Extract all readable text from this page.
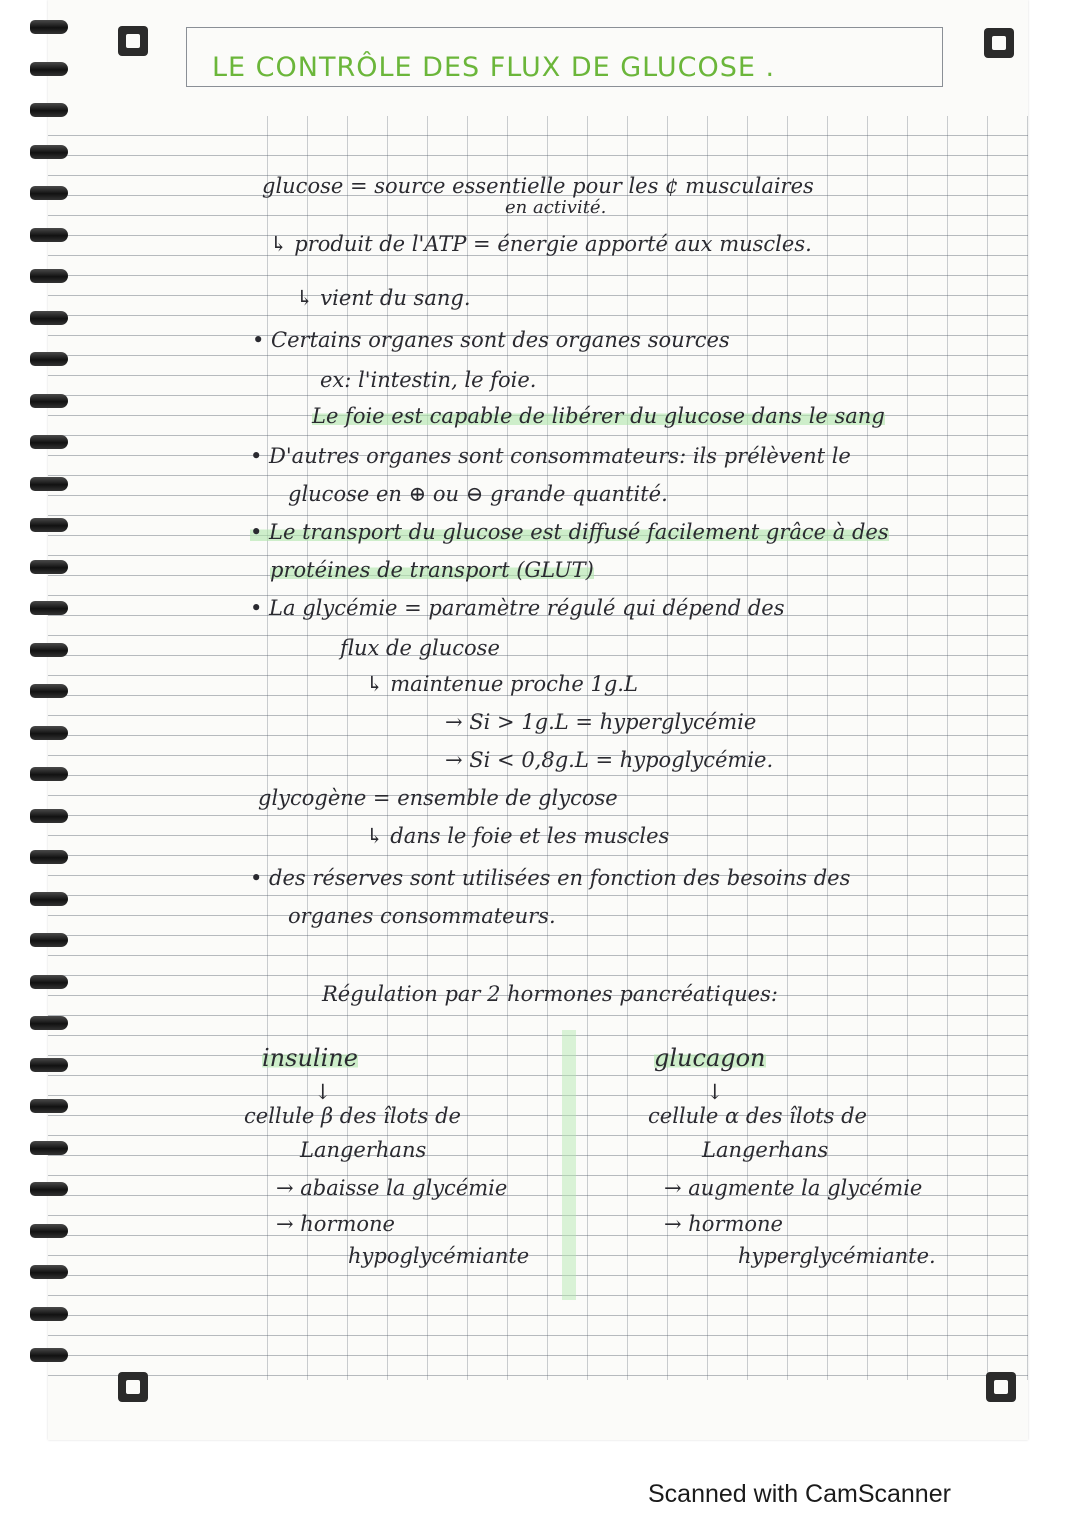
LE CONTRÔLE DES FLUX DE GLUCOSE .
glucose = source essentielle pour les ¢ musculaires
en activité.
↳ produit de l'ATP = énergie apporté aux muscles.
↳ vient du sang.
• Certains organes sont des organes sources
ex: l'intestin, le foie.
Le foie est capable de libérer du glucose dans le sang
• D'autres organes sont consommateurs: ils prélèvent le
glucose en ⊕ ou ⊖ grande quantité.
• Le transport du glucose est diffusé facilement grâce à des
protéines de transport (GLUT)
• La glycémie = paramètre régulé qui dépend des
flux de glucose
↳ maintenue proche 1g.L
→ Si > 1g.L = hyperglycémie
→ Si < 0,8g.L = hypoglycémie.
glycogène = ensemble de glycose
↳ dans le foie et les muscles
• des réserves sont utilisées en fonction des besoins des
organes consommateurs.
Régulation par 2 hormones pancréatiques:
insuline
↓
cellule β des îlots de
Langerhans
→ abaisse la glycémie
→ hormone
hypoglycémiante
glucagon
↓
cellule α des îlots de
Langerhans
→ augmente la glycémie
→ hormone
hyperglycémiante.
Scanned with CamScanner
